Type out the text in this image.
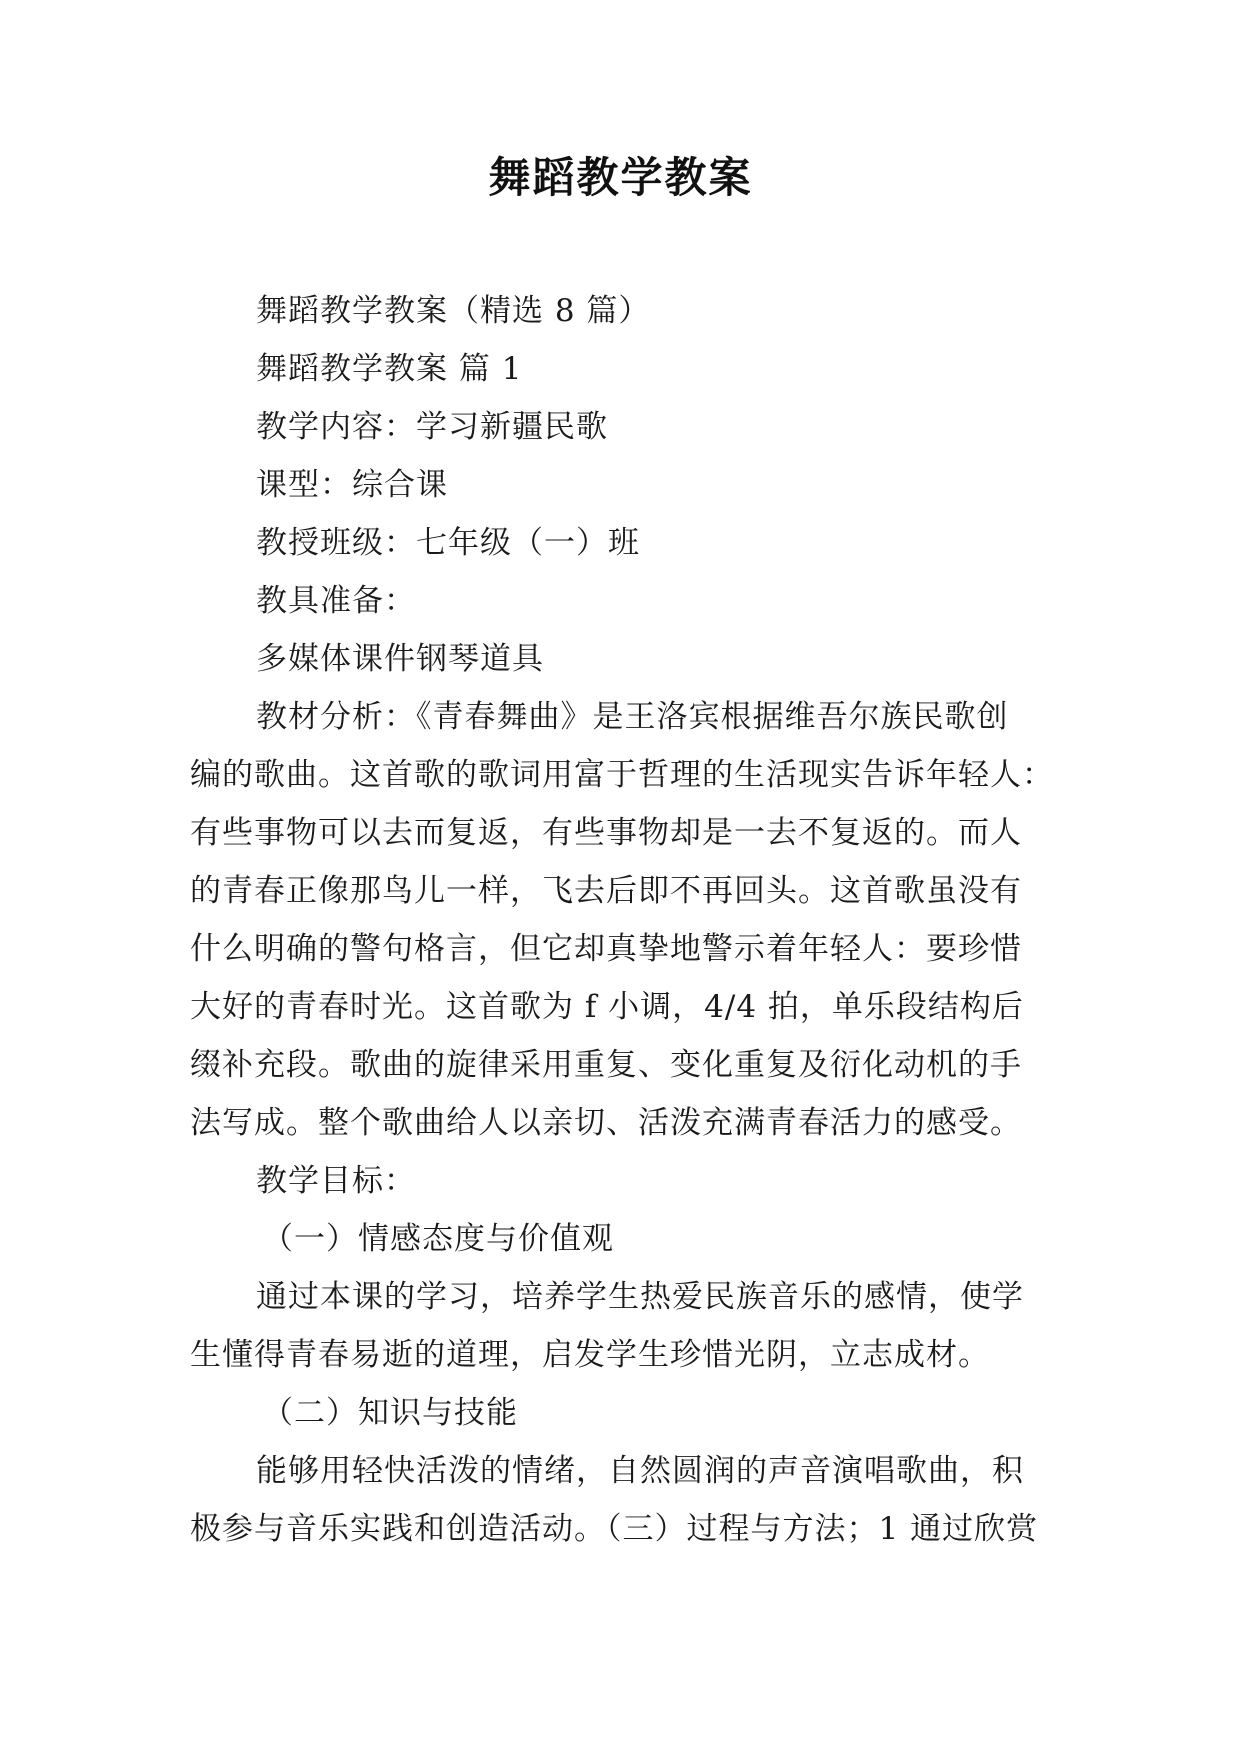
舞蹈教学教案
舞蹈教学教案（精选 8 篇）
舞蹈教学教案 篇 1
教学内容：学习新疆民歌
课型：综合课
教授班级：七年级（一）班
教具准备：
多媒体课件钢琴道具
教材分析：《青春舞曲》是王洛宾根据维吾尔族民歌创
编的歌曲。这首歌的歌词用富于哲理的生活现实告诉年轻人：
有些事物可以去而复返，有些事物却是一去不复返的。而人
的青春正像那鸟儿一样，飞去后即不再回头。这首歌虽没有
什么明确的警句格言，但它却真挚地警示着年轻人：要珍惜
大好的青春时光。这首歌为 f 小调，4/4 拍，单乐段结构后
缀补充段。歌曲的旋律采用重复、变化重复及衍化动机的手
法写成。整个歌曲给人以亲切、活泼充满青春活力的感受。
教学目标：
（一）情感态度与价值观
通过本课的学习，培养学生热爱民族音乐的感情，使学
生懂得青春易逝的道理，启发学生珍惜光阴，立志成材。
（二）知识与技能
能够用轻快活泼的情绪，自然圆润的声音演唱歌曲，积
极参与音乐实践和创造活动。（三）过程与方法；1 通过欣赏
